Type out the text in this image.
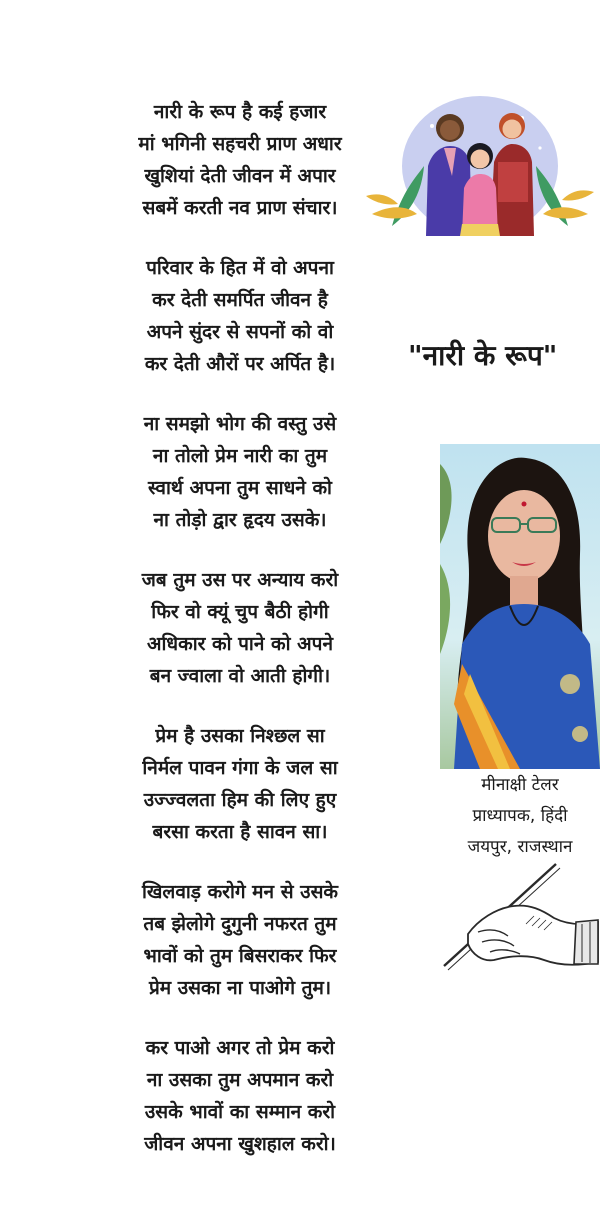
नारी के रूप है कई हजार
मां भगिनी सहचरी प्राण अधार
खुशियां देती जीवन में अपार
सबमें करती नव प्राण संचार।
परिवार के हित में वो अपना
कर देती समर्पित जीवन है
अपने सुंदर से सपनों को वो
कर देती औरों पर अर्पित है।
ना समझो भोग की वस्तु उसे
ना तोलो प्रेम नारी का तुम
स्वार्थ अपना तुम साधने को
ना तोड़ो द्वार हृदय उसके।
जब तुम उस पर अन्याय करो
फिर वो क्यूं चुप बैठी होगी
अधिकार को पाने को अपने
बन ज्वाला वो आती होगी।
प्रेम है उसका निश्छल सा
निर्मल पावन गंगा के जल सा
उज्ज्वलता हिम की लिए हुए
बरसा करता है सावन सा।
खिलवाड़ करोगे मन से उसके
तब झेलोगे दुगुनी नफरत तुम
भावों को तुम बिसराकर फिर
प्रेम उसका ना पाओगे तुम।
कर पाओ अगर तो प्रेम करो
ना उसका तुम अपमान करो
उसके भावों का सम्मान करो
जीवन अपना खुशहाल करो।
"नारी के रूप"
मीनाक्षी टेलर
प्राध्यापक, हिंदी
जयपुर, राजस्थान
